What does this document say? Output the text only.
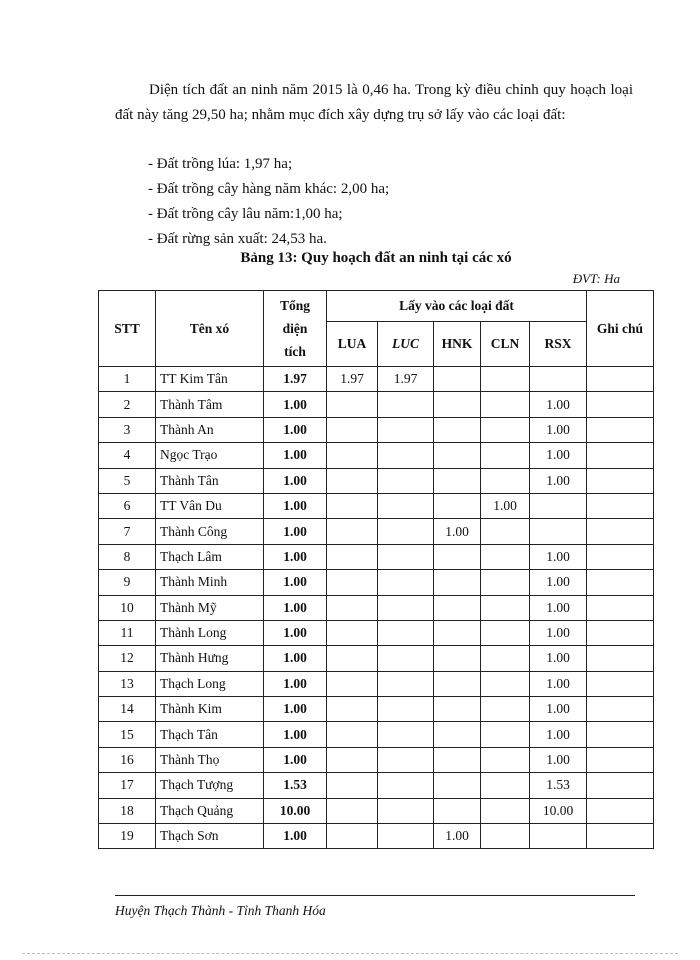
Diện tích đất an ninh năm 2015 là 0,46 ha. Trong kỳ điều chỉnh quy hoạch loại đất này tăng 29,50 ha; nhằm mục đích xây dựng trụ sở lấy vào các loại đất:

- Đất trồng lúa: 1,97 ha;
- Đất trồng cây hàng năm khác: 2,00 ha;
- Đất trồng cây lâu năm:1,00 ha;
- Đất rừng sản xuất: 24,53 ha.
Bảng 13: Quy hoạch đất an ninh tại các xó
ĐVT: Ha
STT	Tên xó	Tổng
diện
tích	Lấy vào các loại đất					Ghi chú
			LUA	LUC	HNK	CLN	RSX	
1	TT Kim Tân	1.97	1.97	1.97				
2	Thành Tâm	1.00					1.00	
3	Thành An	1.00					1.00	
4	Ngọc Trạo	1.00					1.00	
5	Thành Tân	1.00					1.00	
6	TT Vân Du	1.00				1.00		
7	Thành Công	1.00			1.00			
8	Thạch Lâm	1.00					1.00	
9	Thành Minh	1.00					1.00	
10	Thành Mỹ	1.00					1.00	
11	Thành Long	1.00					1.00	
12	Thành Hưng	1.00					1.00	
13	Thạch Long	1.00					1.00	
14	Thành Kim	1.00					1.00	
15	Thạch Tân	1.00					1.00	
16	Thành Thọ	1.00					1.00	
17	Thạch Tượng	1.53					1.53	
18	Thạch Quảng	10.00					10.00	
19	Thạch Sơn	1.00			1.00			
Huyện Thạch Thành - Tỉnh Thanh Hóa
